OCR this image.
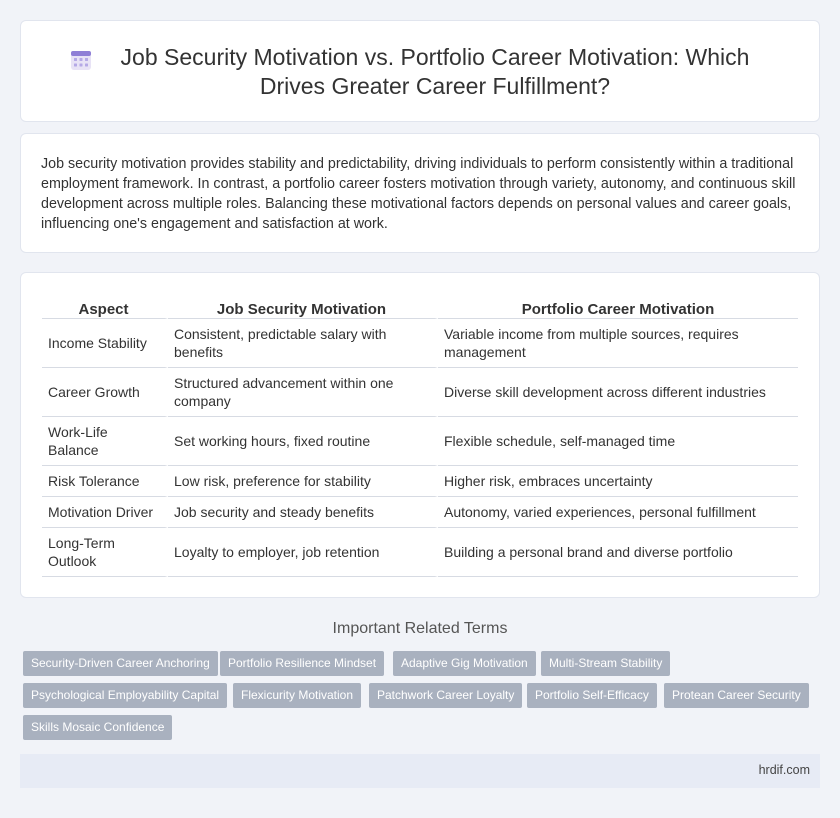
Job Security Motivation vs. Portfolio Career Motivation: Which Drives Greater Career Fulfillment?

Job security motivation provides stability and predictability, driving individuals to perform consistently within a traditional employment framework. In contrast, a portfolio career fosters motivation through variety, autonomy, and continuous skill development across multiple roles. Balancing these motivational factors depends on personal values and career goals, influencing one's engagement and satisfaction at work.

Aspect	Job Security Motivation	Portfolio Career Motivation
Income Stability	Consistent, predictable salary with benefits	Variable income from multiple sources, requires management
Career Growth	Structured advancement within one company	Diverse skill development across different industries
Work-Life Balance	Set working hours, fixed routine	Flexible schedule, self-managed time
Risk Tolerance	Low risk, preference for stability	Higher risk, embraces uncertainty
Motivation Driver	Job security and steady benefits	Autonomy, varied experiences, personal fulfillment
Long-Term Outlook	Loyalty to employer, job retention	Building a personal brand and diverse portfolio
Important Related Terms
Security-Driven Career Anchoring	Portfolio Resilience Mindset	Adaptive Gig Motivation	Multi-Stream Stability
Psychological Employability Capital	Flexicurity Motivation	Patchwork Career Loyalty	Portfolio Self-Efficacy	Protean Career Security
Skills Mosaic Confidence
hrdif.com
